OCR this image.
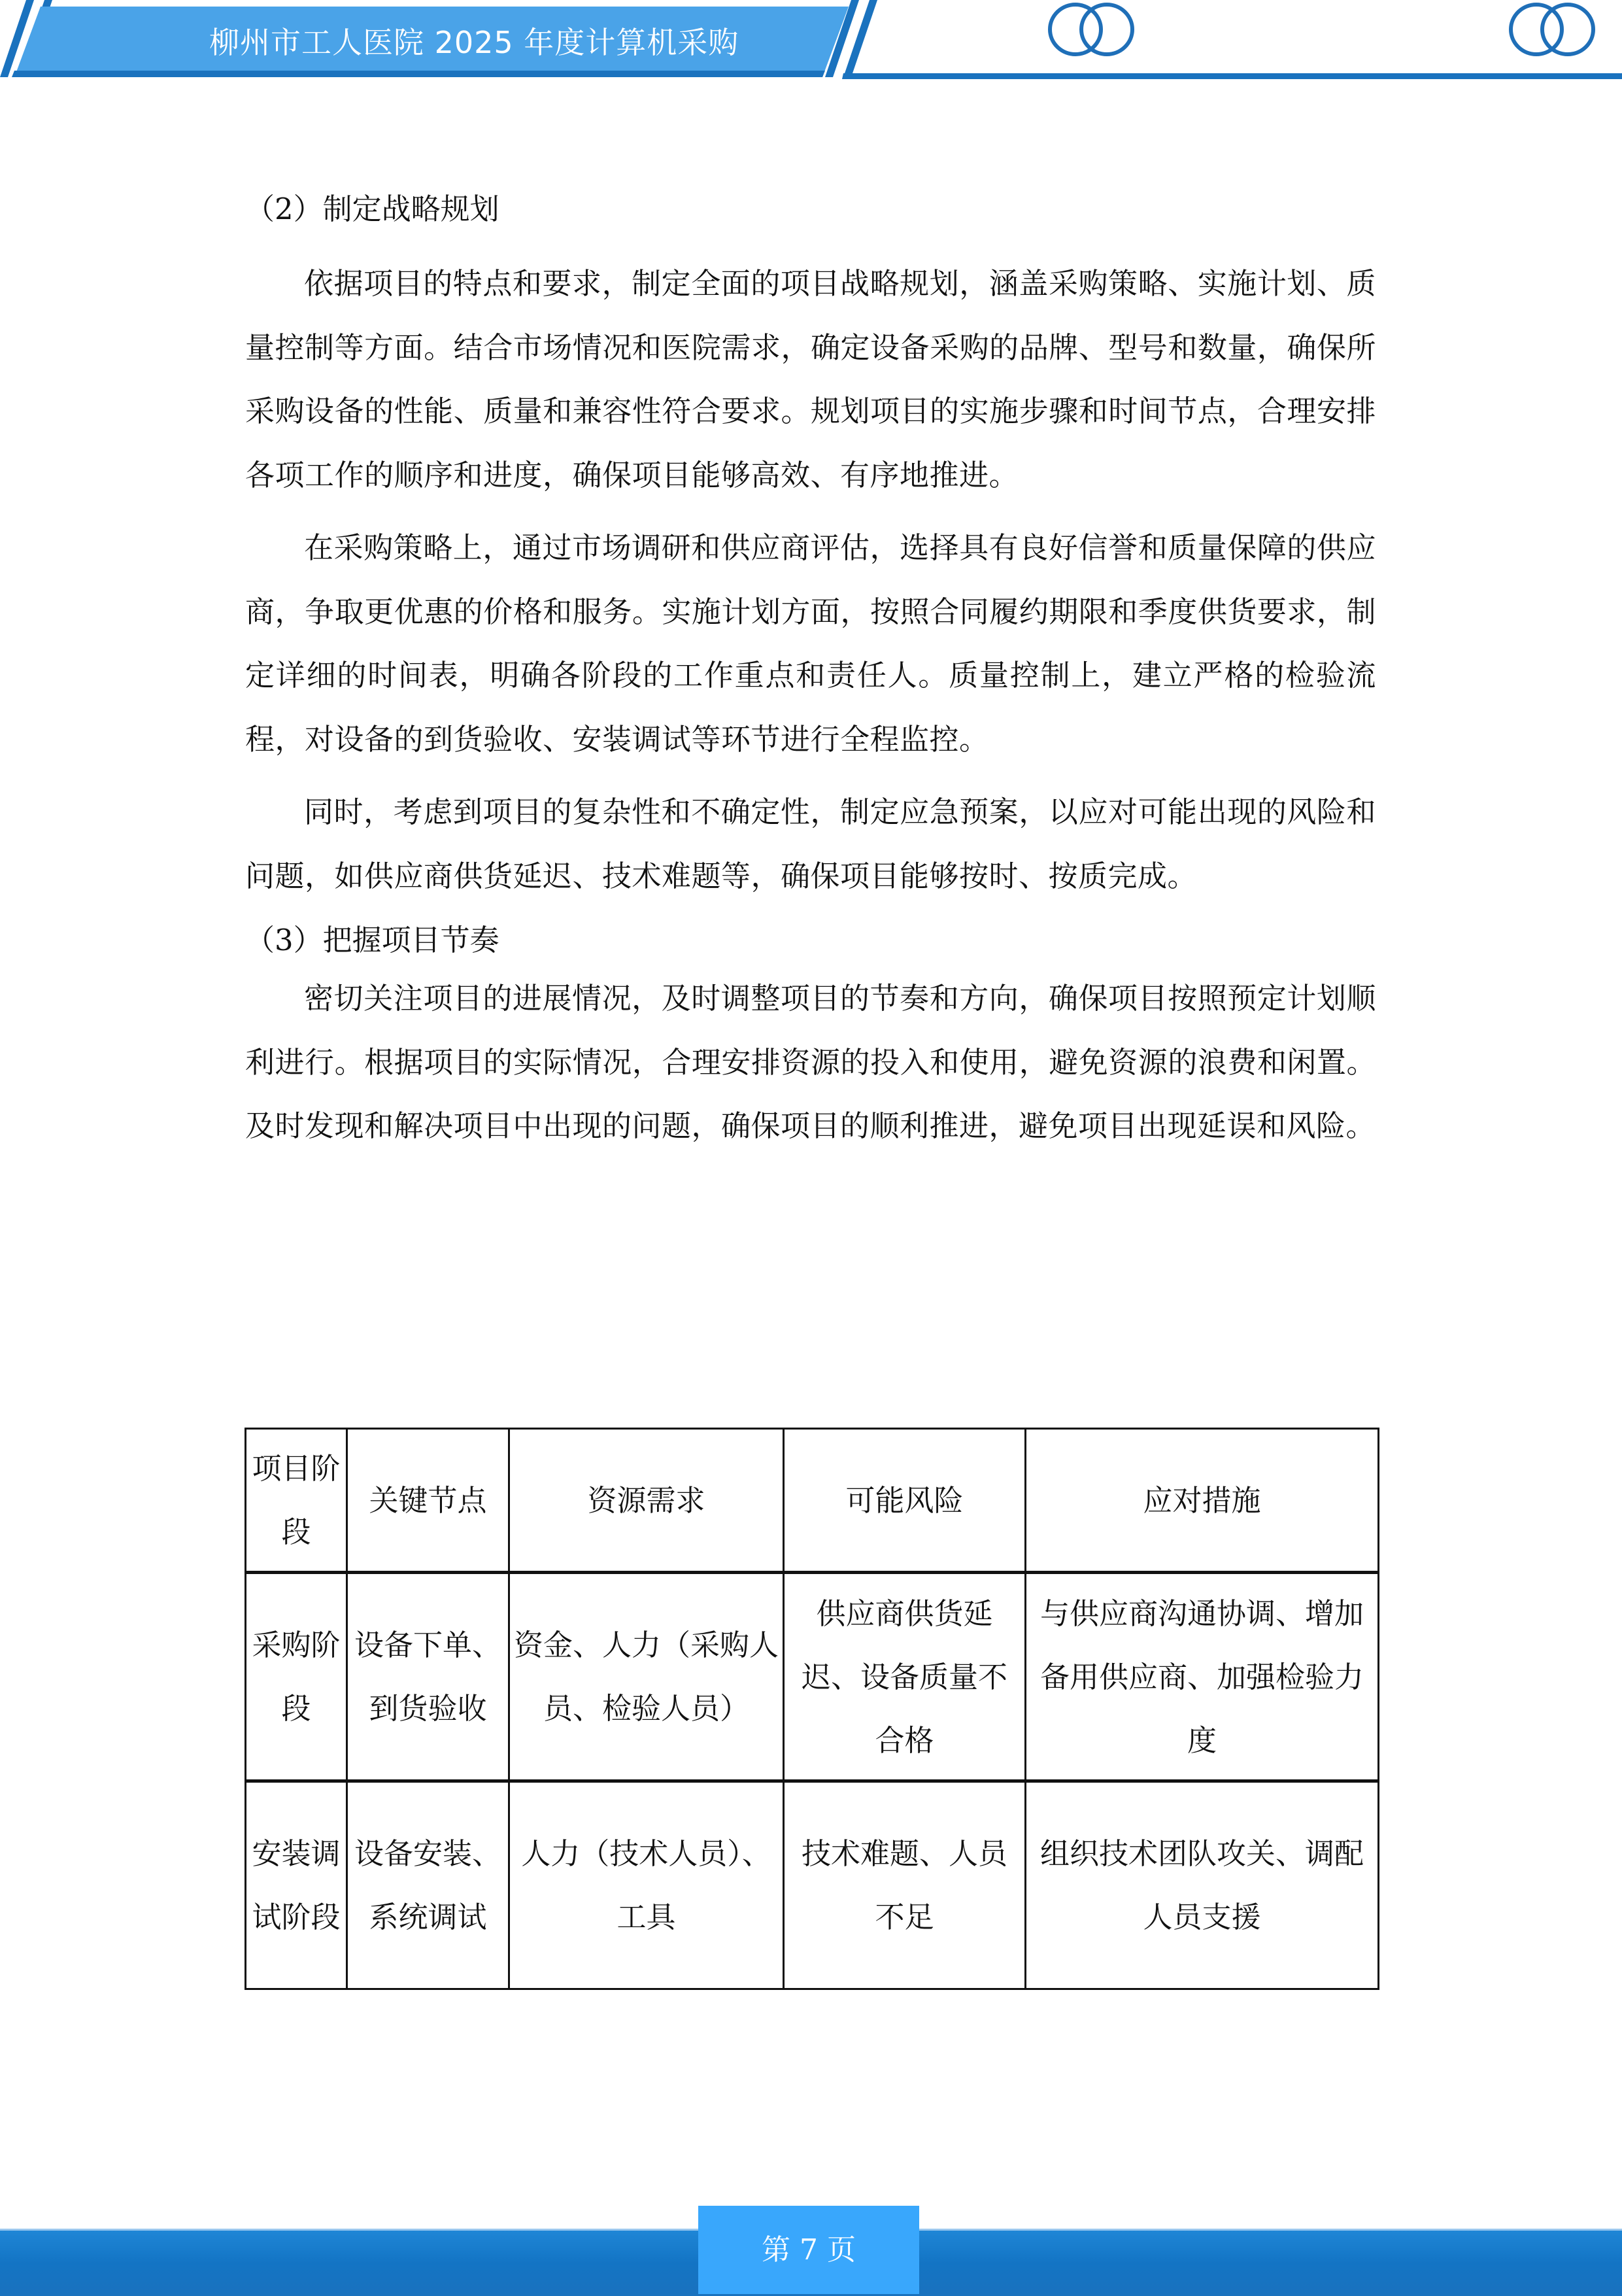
柳州市工人医院 2025 年度计算机采购
（2）制定战略规划

依据项目的特点和要求，制定全面的项目战略规划，涵盖采购策略、实施计划、质量控制等方面。结合市场情况和医院需求，确定设备采购的品牌、型号和数量，确保所采购设备的性能、质量和兼容性符合要求。规划项目的实施步骤和时间节点，合理安排各项工作的顺序和进度，确保项目能够高效、有序地推进。

在采购策略上，通过市场调研和供应商评估，选择具有良好信誉和质量保障的供应商，争取更优惠的价格和服务。实施计划方面，按照合同履约期限和季度供货要求，制定详细的时间表，明确各阶段的工作重点和责任人。质量控制上，建立严格的检验流程，对设备的到货验收、安装调试等环节进行全程监控。

同时，考虑到项目的复杂性和不确定性，制定应急预案，以应对可能出现的风险和问题，如供应商供货延迟、技术难题等，确保项目能够按时、按质完成。

（3）把握项目节奏

密切关注项目的进展情况，及时调整项目的节奏和方向，确保项目按照预定计划顺利进行。根据项目的实际情况，合理安排资源的投入和使用，避免资源的浪费和闲置。及时发现和解决项目中出现的问题，确保项目的顺利推进，避免项目出现延误和风险。

项目阶段	关键节点	资源需求	可能风险	应对措施
采购阶段	设备下单、到货验收	资金、人力（采购人员、检验人员）	供应商供货延迟、设备质量不合格	与供应商沟通协调、增加备用供应商、加强检验力度
安装调试阶段	设备安装、系统调试	人力（技术人员）、工具	技术难题、人员不足	组织技术团队攻关、调配人员支援
第 7 页
